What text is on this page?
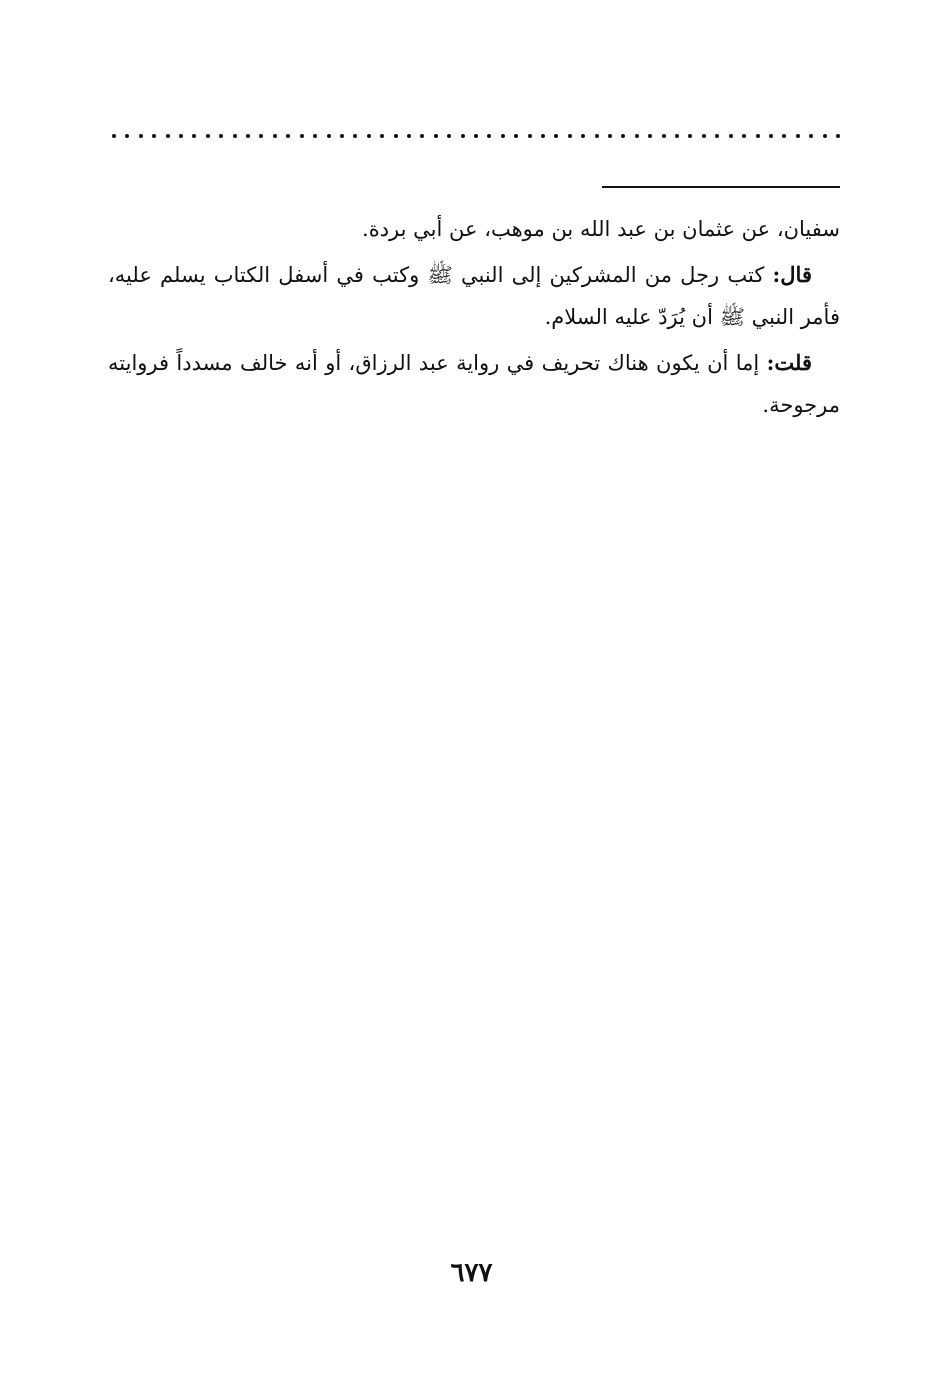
سفيان، عن عثمان بن عبد الله بن موهب، عن أبي بردة.

قال: كتب رجل من المشركين إلى النبي ﷺ وكتب في أسفل الكتاب يسلم عليه، فأمر النبي ﷺ أن يُرَدّ عليه السلام.

قلت: إما أن يكون هناك تحريف في رواية عبد الرزاق، أو أنه خالف مسدداً فروايته مرجوحة.

٦٧٧
